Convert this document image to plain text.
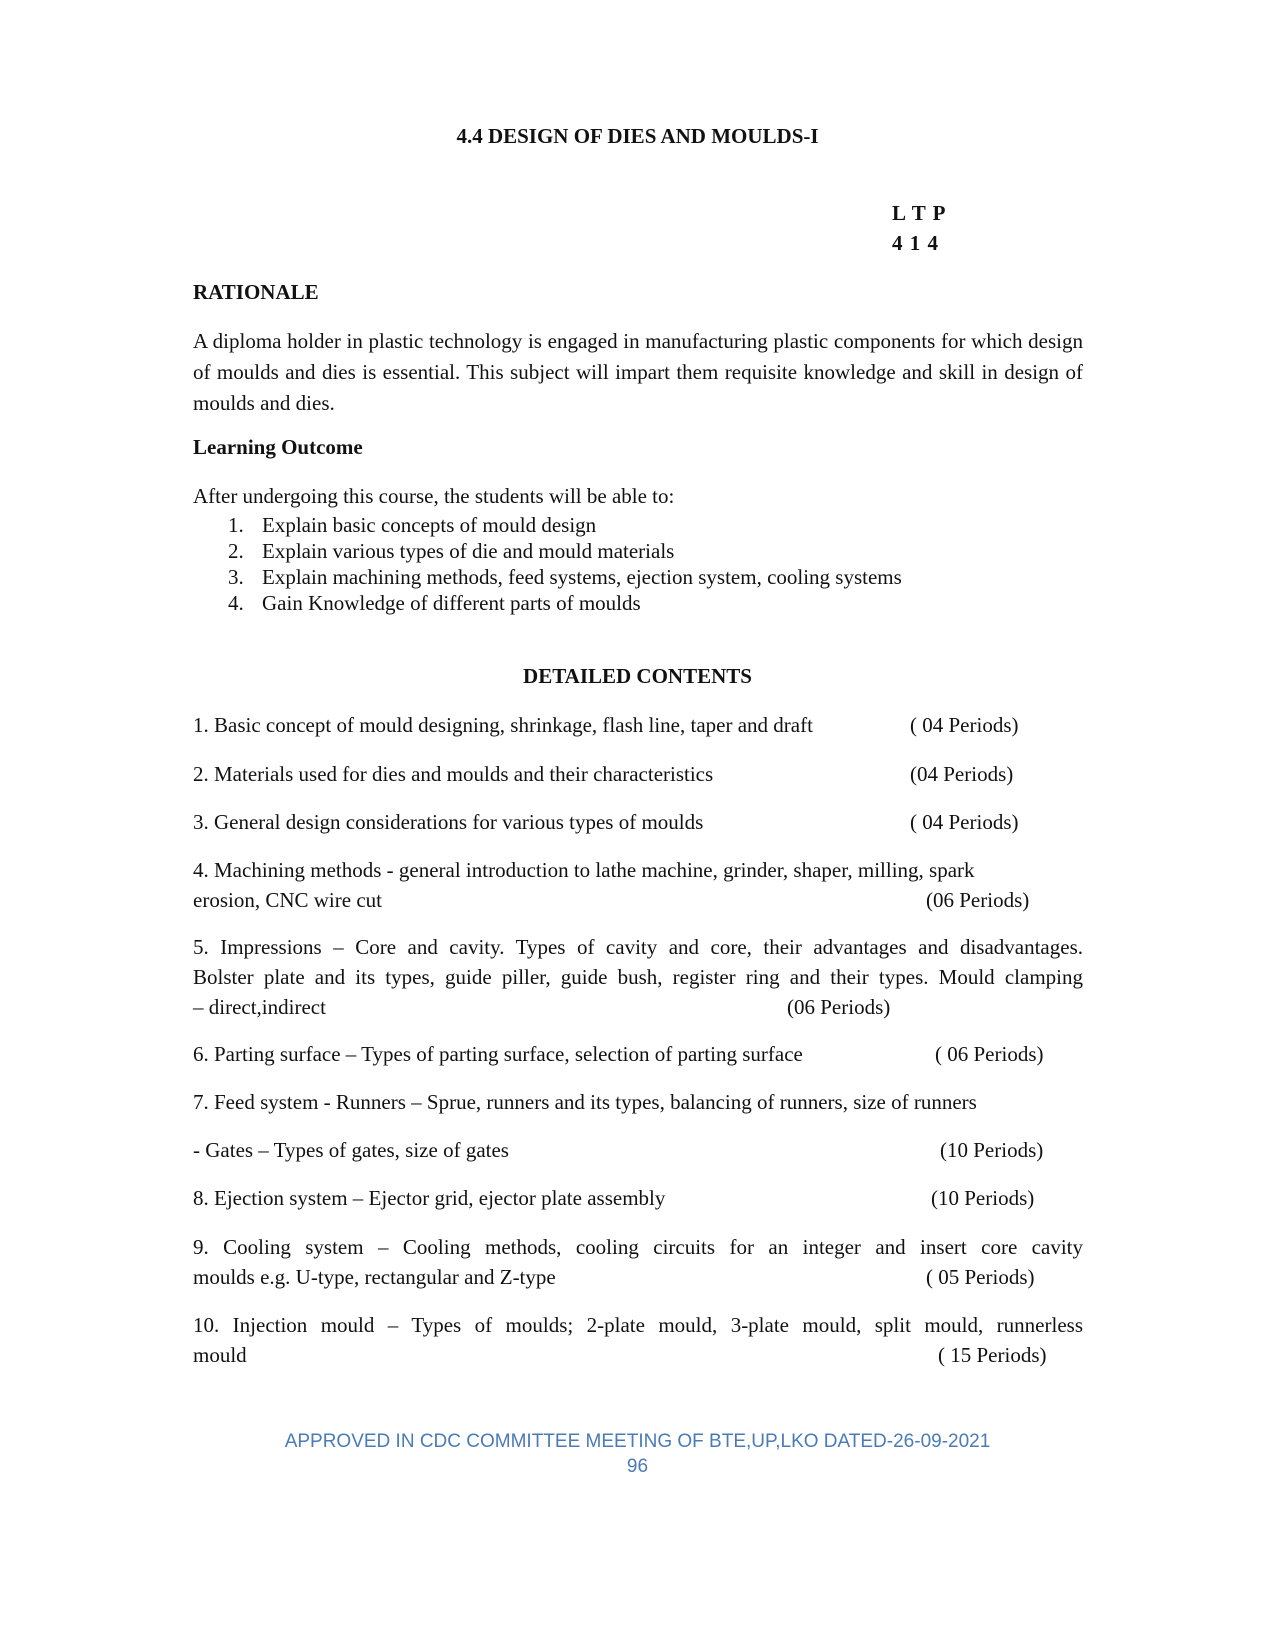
4.4 DESIGN OF DIES AND MOULDS-I
L T P
4 1 4
RATIONALE
A diploma holder in plastic technology is engaged in manufacturing plastic components for which design of moulds and dies is essential. This subject will impart them requisite knowledge and skill in design of moulds and dies.
Learning Outcome
After undergoing this course, the students will be able to:
1. Explain basic concepts of mould design
2. Explain various types of die and mould materials
3. Explain machining methods, feed systems, ejection system, cooling systems
4. Gain Knowledge of different parts of moulds
DETAILED CONTENTS
1. Basic concept of mould designing, shrinkage, flash line, taper and draft	( 04 Periods)
2. Materials used for dies and moulds and their characteristics	(04 Periods)
3. General design considerations for various types of moulds	( 04 Periods)
4. Machining methods - general introduction to lathe machine, grinder, shaper, milling, spark
erosion, CNC wire cut	(06 Periods)
5. Impressions – Core and cavity. Types of cavity and core, their advantages and disadvantages.
Bolster plate and its types, guide piller, guide bush, register ring and their types. Mould clamping
– direct,indirect	(06 Periods)
6. Parting surface – Types of parting surface, selection of parting surface	( 06 Periods)
7. Feed system - Runners – Sprue, runners and its types, balancing of runners, size of runners
- Gates – Types of gates, size of gates	(10 Periods)
8. Ejection system – Ejector grid, ejector plate assembly	(10 Periods)
9. Cooling system – Cooling methods, cooling circuits for an integer and insert core cavity
moulds e.g. U-type, rectangular and Z-type	( 05 Periods)
10. Injection mould – Types of moulds; 2-plate mould, 3-plate mould, split mould, runnerless
mould	( 15 Periods)
APPROVED IN CDC COMMITTEE MEETING OF BTE,UP,LKO DATED-26-09-2021
96
